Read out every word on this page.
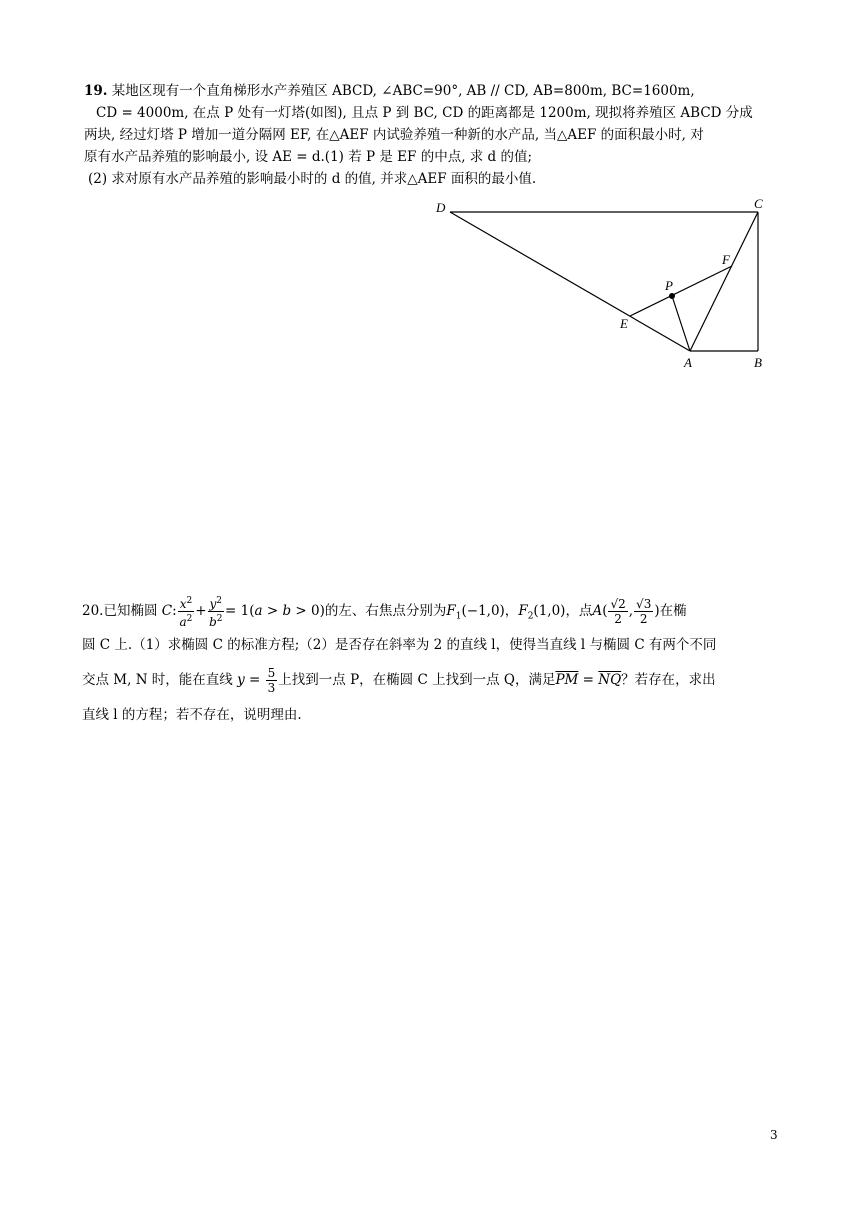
19. 某地区现有一个直角梯形水产养殖区 ABCD, ∠ABC=90°, AB // CD, AB=800m, BC=1600m,
CD = 4000m, 在点 P 处有一灯塔(如图), 且点 P 到 BC, CD 的距离都是 1200m, 现拟将养殖区 ABCD 分成
两块, 经过灯塔 P 增加一道分隔网 EF, 在△AEF 内试验养殖一种新的水产品, 当△AEF 的面积最小时, 对
原有水产品养殖的影响最小, 设 AE = d.(1) 若 P 是 EF 的中点, 求 d 的值;
(2) 求对原有水产品养殖的影响最小时的 d 的值, 并求△AEF 面积的最小值.
D	C
F
P
E
A	B
20.已知椭圆 C: $\frac{x^2}{a^2} + \frac{y^2}{b^2} = 1(a > b > 0)$的左、右焦点分别为$F_1(-1,0)$，$F_2(1,0)$，点$A( \frac{√2}{2}$ , $\frac{√3}{2}$ )在椭
圆 C 上.（1）求椭圆 C 的标准方程;（2）是否存在斜率为 2 的直线 l，使得当直线 l 与椭圆 C 有两个不同
交点 M, N 时，能在直线 $y = \frac{5}{3}$ 上找到一点 P，在椭圆 C 上找到一点 Q，满足$\overline{PM} = \overline{NQ}$？若存在，求出
直线 l 的方程；若不存在，说明理由.
3
